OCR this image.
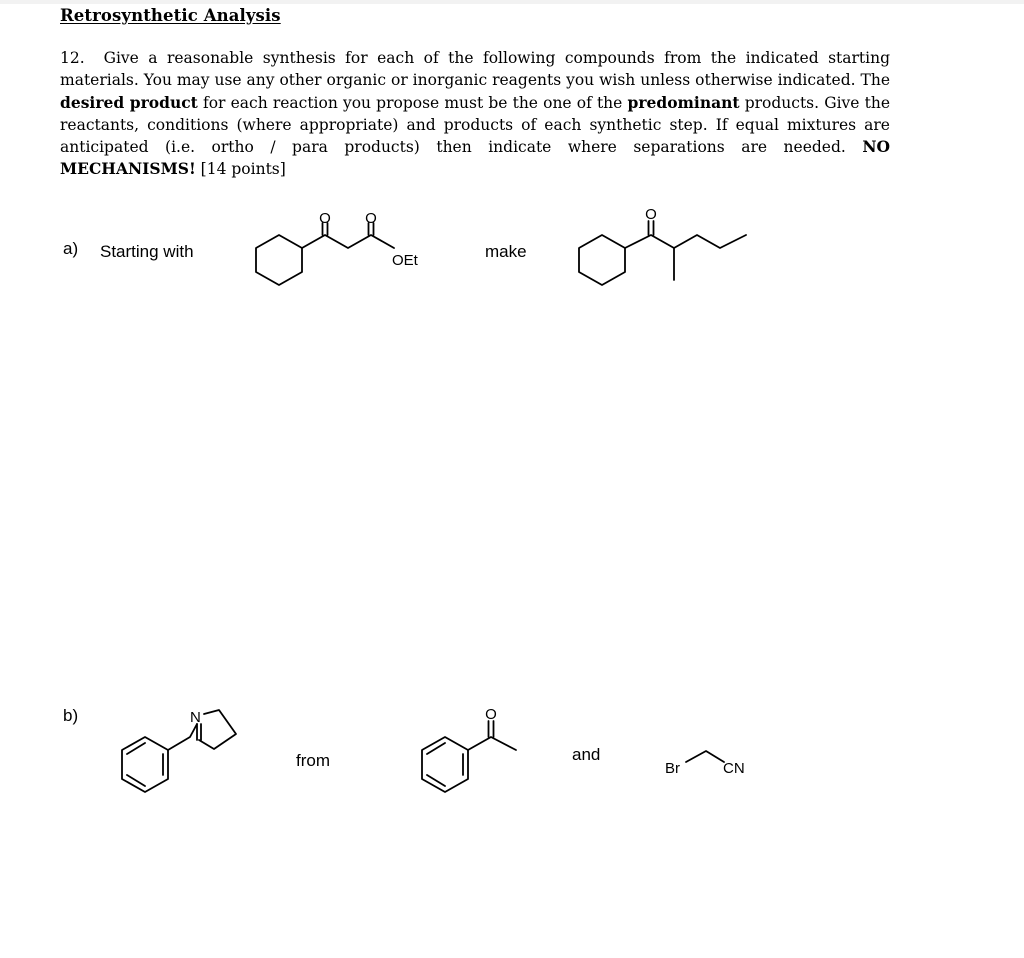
Retrosynthetic Analysis

12. Give a reasonable synthesis for each of the following compounds from the indicated starting materials. You may use any other organic or inorganic reagents you wish unless otherwise indicated. The desired product for each reaction you propose must be the one of the predominant products. Give the reactants, conditions (where appropriate) and products of each synthetic step. If equal mixtures are anticipated (i.e. ortho / para products) then indicate where separations are needed. NO MECHANISMS! [14 points]

a) Starting with	make
O O
OEt
O
b)
from	and
N	O
Br	CN
